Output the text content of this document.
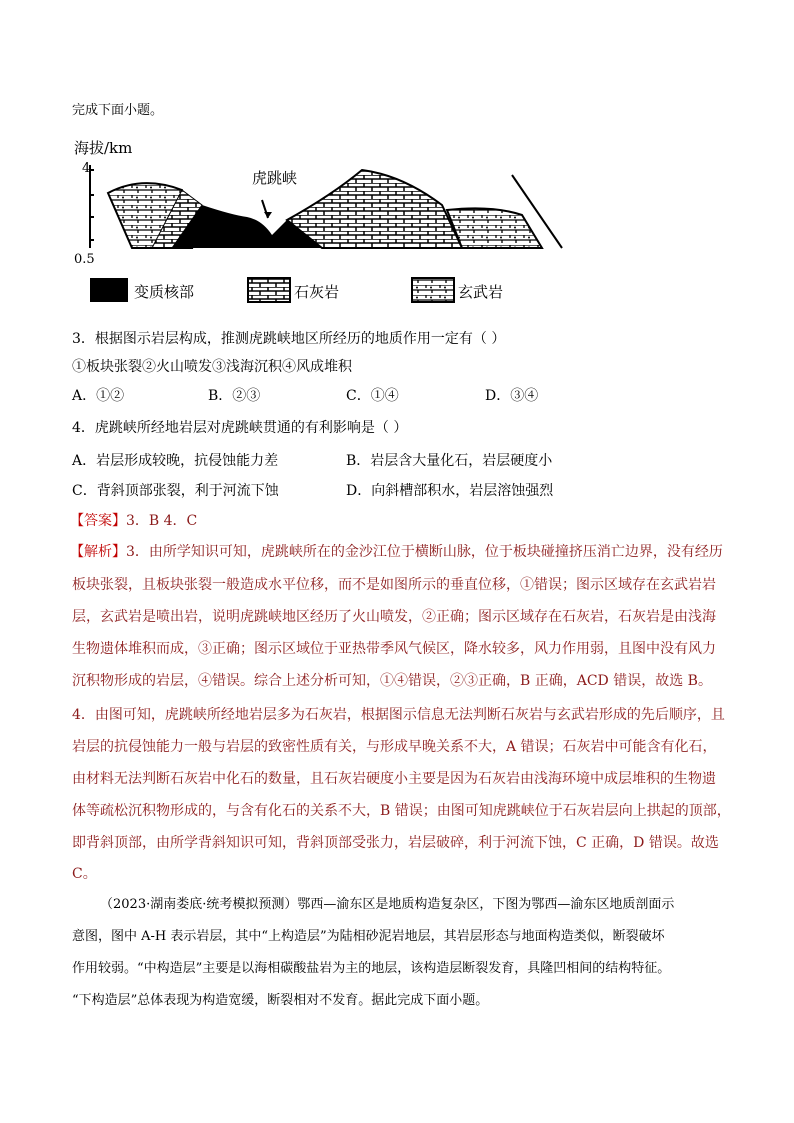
完成下面小题。
海拔/km
4
0.5
虎跳峡
变质核部	石灰岩	玄武岩
3．根据图示岩层构成，推测虎跳峡地区所经历的地质作用一定有（ ）
①板块张裂②火山喷发③浅海沉积④风成堆积
A．①②	B．②③	C．①④	D．③④
4．虎跳峡所经地岩层对虎跳峡贯通的有利影响是（ ）
A．岩层形成较晚，抗侵蚀能力差	B．岩层含大量化石，岩层硬度小
C．背斜顶部张裂，利于河流下蚀	D．向斜槽部积水，岩层溶蚀强烈
【答案】3．B 4．C
【解析】3．由所学知识可知，虎跳峡所在的金沙江位于横断山脉，位于板块碰撞挤压消亡边界，没有经历
板块张裂，且板块张裂一般造成水平位移，而不是如图所示的垂直位移，①错误；图示区域存在玄武岩岩
层，玄武岩是喷出岩，说明虎跳峡地区经历了火山喷发，②正确；图示区域存在石灰岩，石灰岩是由浅海
生物遗体堆积而成，③正确；图示区域位于亚热带季风气候区，降水较多，风力作用弱，且图中没有风力
沉积物形成的岩层，④错误。综合上述分析可知，①④错误，②③正确，B 正确，ACD 错误，故选 B。
4．由图可知，虎跳峡所经地岩层多为石灰岩，根据图示信息无法判断石灰岩与玄武岩形成的先后顺序，且
岩层的抗侵蚀能力一般与岩层的致密性质有关，与形成早晚关系不大，A 错误；石灰岩中可能含有化石，
由材料无法判断石灰岩中化石的数量，且石灰岩硬度小主要是因为石灰岩由浅海环境中成层堆积的生物遗
体等疏松沉积物形成的，与含有化石的关系不大，B 错误；由图可知虎跳峡位于石灰岩层向上拱起的顶部，
即背斜顶部，由所学背斜知识可知，背斜顶部受张力，岩层破碎，利于河流下蚀，C 正确，D 错误。故选
C。
（2023·湖南娄底·统考模拟预测）鄂西—渝东区是地质构造复杂区，下图为鄂西—渝东区地质剖面示
意图，图中 A-H 表示岩层，其中“上构造层”为陆相砂泥岩地层，其岩层形态与地面构造类似，断裂破坏
作用较弱。“中构造层”主要是以海相碳酸盐岩为主的地层，该构造层断裂发育，具隆凹相间的结构特征。
“下构造层”总体表现为构造宽缓，断裂相对不发育。据此完成下面小题。
